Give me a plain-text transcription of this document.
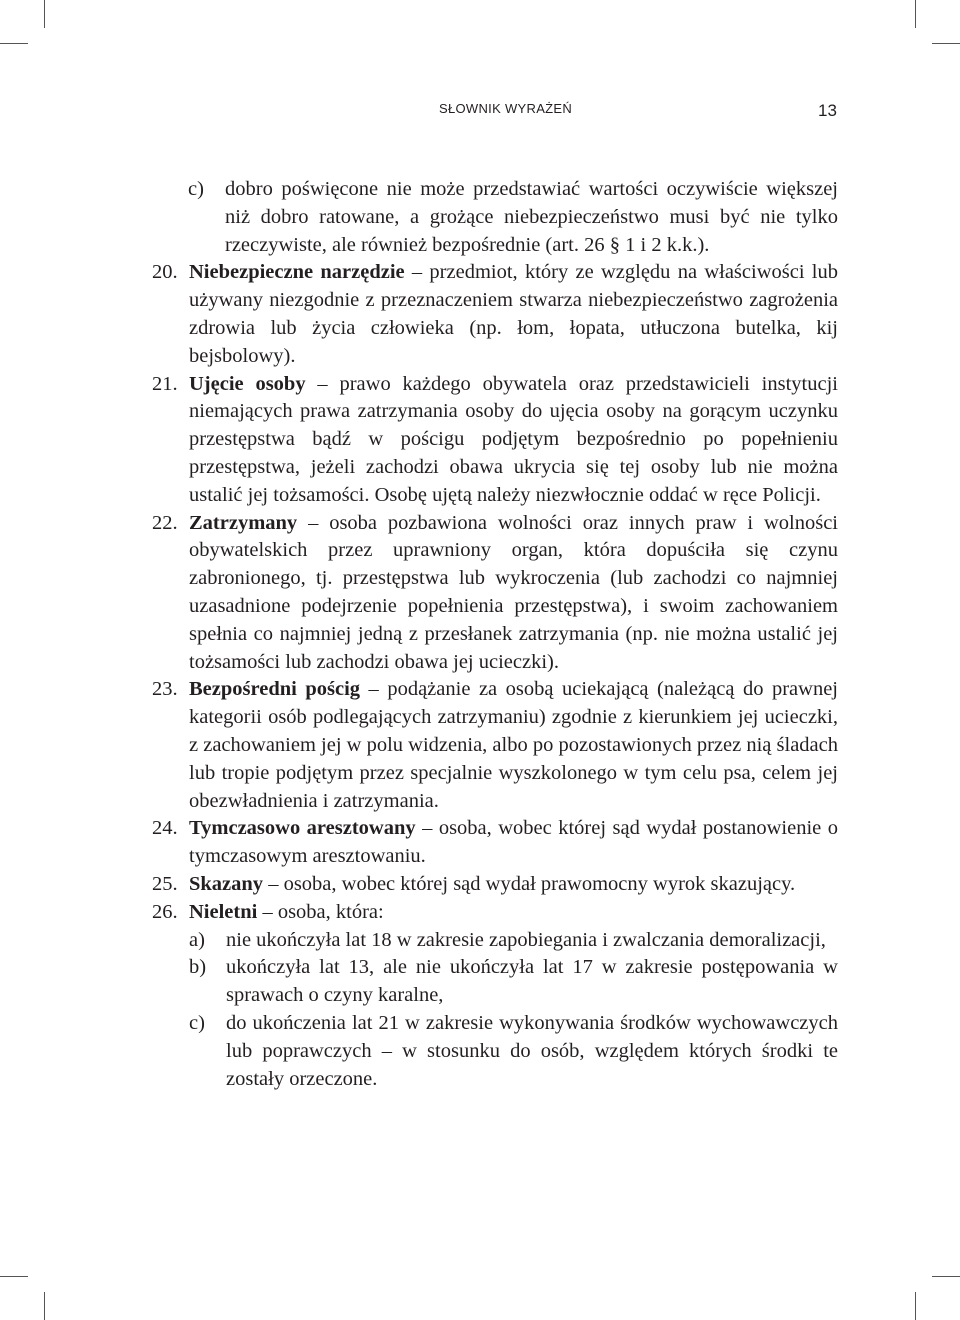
SŁOWNIK WYRAŻEŃ	13
c)	dobro poświęcone nie może przedstawiać wartości oczywiście większej niż dobro ratowane, a grożące niebezpieczeństwo musi być nie tylko rzeczywiste, ale również bezpośrednie (art. 26 § 1 i 2 k.k.).
20. Niebezpieczne narzędzie – przedmiot, który ze względu na właściwości lub używany niezgodnie z przeznaczeniem stwarza niebezpieczeństwo zagrożenia zdrowia lub życia człowieka (np. łom, łopata, utłuczona butelka, kij bejsbolowy).
21. Ujęcie osoby – prawo każdego obywatela oraz przedstawicieli instytucji niemających prawa zatrzymania osoby do ujęcia osoby na gorącym uczynku przestępstwa bądź w pościgu podjętym bezpośrednio po popełnieniu przestępstwa, jeżeli zachodzi obawa ukrycia się tej osoby lub nie można ustalić jej tożsamości. Osobę ujętą należy niezwłocznie oddać w ręce Policji.
22. Zatrzymany – osoba pozbawiona wolności oraz innych praw i wolności obywatelskich przez uprawniony organ, która dopuściła się czynu zabronionego, tj. przestępstwa lub wykroczenia (lub zachodzi co najmniej uzasadnione podejrzenie popełnienia przestępstwa), i swoim zachowaniem spełnia co najmniej jedną z przesłanek zatrzymania (np. nie można ustalić jej tożsamości lub zachodzi obawa jej ucieczki).
23. Bezpośredni pościg – podążanie za osobą uciekającą (należącą do prawnej kategorii osób podlegających zatrzymaniu) zgodnie z kierunkiem jej ucieczki, z zachowaniem jej w polu widzenia, albo po pozostawionych przez nią śladach lub tropie podjętym przez specjalnie wyszkolonego w tym celu psa, celem jej obezwładnienia i zatrzymania.
24. Tymczasowo aresztowany – osoba, wobec której sąd wydał postanowienie o tymczasowym aresztowaniu.
25. Skazany – osoba, wobec której sąd wydał prawomocny wyrok skazujący.
26. Nieletni – osoba, która:
a)	nie ukończyła lat 18 w zakresie zapobiegania i zwalczania demoralizacji,
b) ukończyła lat 13, ale nie ukończyła lat 17 w zakresie postępowania w sprawach o czyny karalne,
c)	do ukończenia lat 21 w zakresie wykonywania środków wychowawczych lub poprawczych – w stosunku do osób, względem których środki te zostały orzeczone.
